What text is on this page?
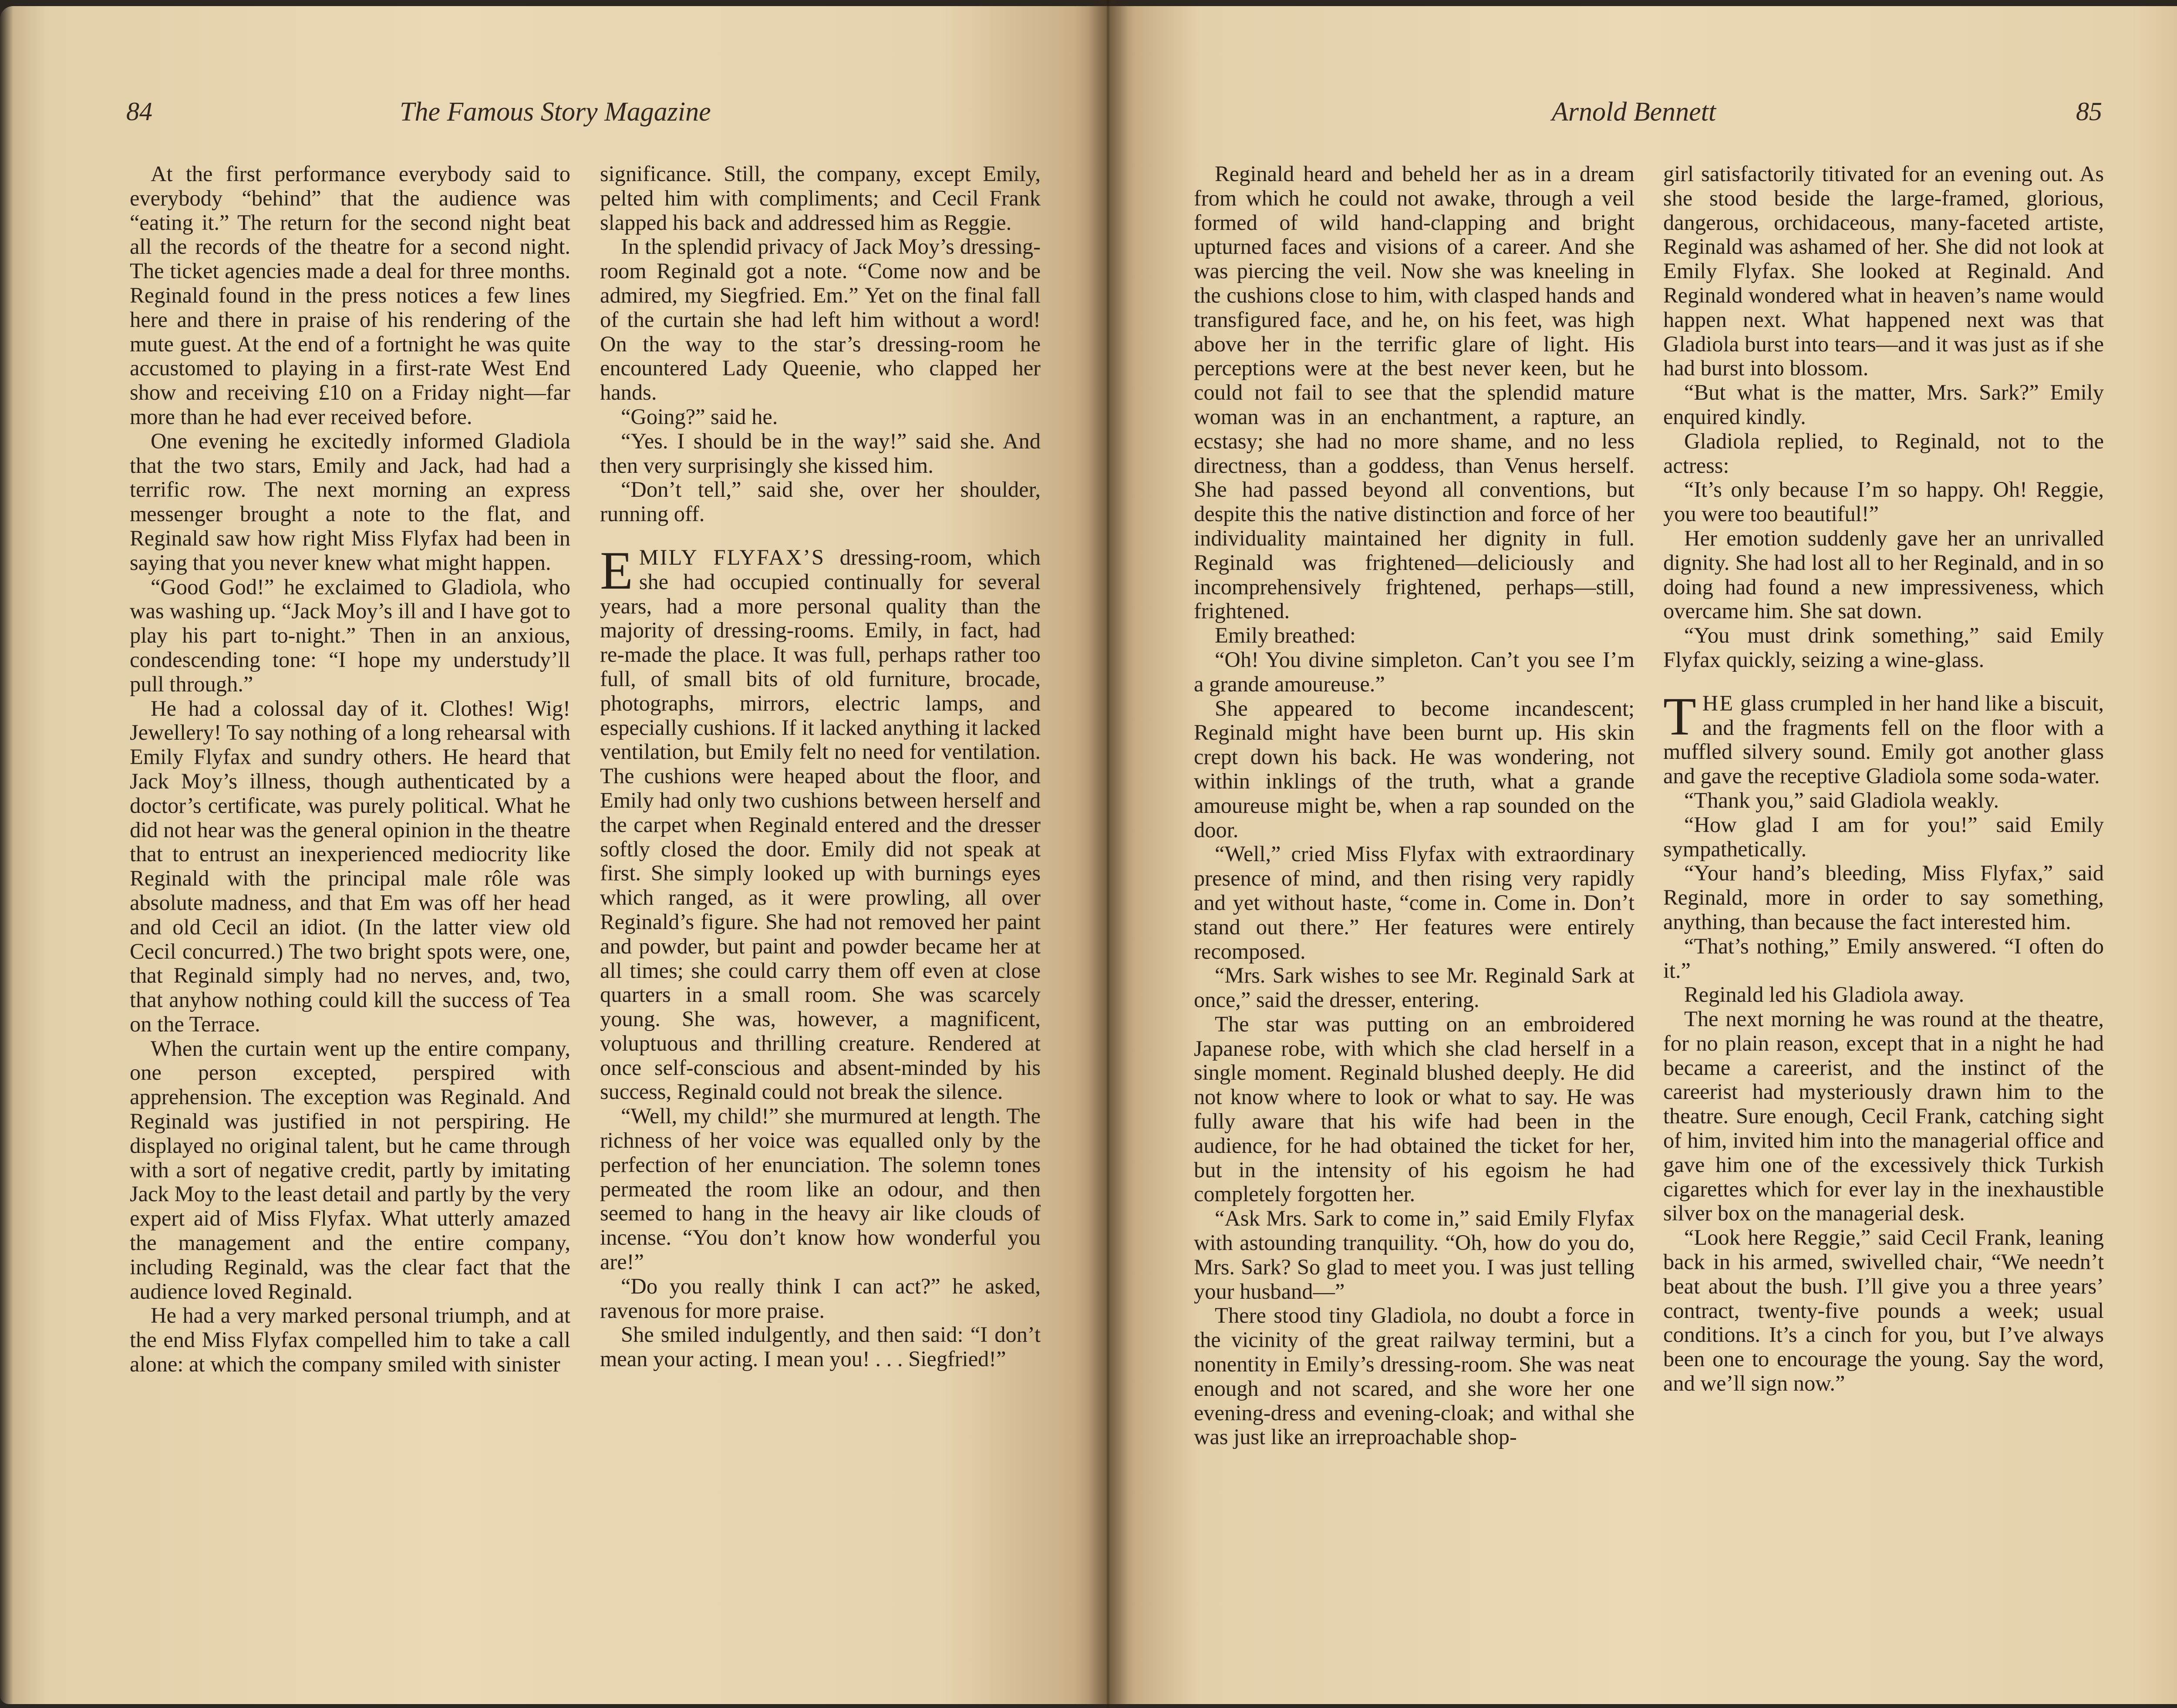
84	The Famous Story Magazine

At the first performance everybody said to everybody “behind” that the audience was “eating it.” The return for the second night beat all the records of the theatre for a second night. The ticket agencies made a deal for three months. Reginald found in the press notices a few lines here and there in praise of his rendering of the mute guest. At the end of a fortnight he was quite accustomed to playing in a first-rate West End show and receiving £10 on a Friday night—far more than he had ever received before.

One evening he excitedly informed Gladiola that the two stars, Emily and Jack, had had a terrific row. The next morning an express messenger brought a note to the flat, and Reginald saw how right Miss Flyfax had been in saying that you never knew what might happen.

“Good God!” he exclaimed to Gladiola, who was washing up. “Jack Moy’s ill and I have got to play his part to-night.” Then in an anxious, condescending tone: “I hope my understudy’ll pull through.”

He had a colossal day of it. Clothes! Wig! Jewellery! To say nothing of a long rehearsal with Emily Flyfax and sundry others. He heard that Jack Moy’s illness, though authenticated by a doctor’s certificate, was purely political. What he did not hear was the general opinion in the theatre that to entrust an inexperienced mediocrity like Reginald with the principal male rôle was absolute madness, and that Em was off her head and old Cecil an idiot. (In the latter view old Cecil concurred.) The two bright spots were, one, that Reginald simply had no nerves, and, two, that anyhow nothing could kill the success of Tea on the Terrace.

When the curtain went up the entire company, one person excepted, perspired with apprehension. The exception was Reginald. And Reginald was justified in not perspiring. He displayed no original talent, but he came through with a sort of negative credit, partly by imitating Jack Moy to the least detail and partly by the very expert aid of Miss Flyfax. What utterly amazed the management and the entire company, including Reginald, was the clear fact that the audience loved Reginald.

He had a very marked personal triumph, and at the end Miss Flyfax compelled him to take a call alone: at which the company smiled with sinister

significance. Still, the company, except Emily, pelted him with compliments; and Cecil Frank slapped his back and addressed him as Reggie.

In the splendid privacy of Jack Moy’s dressing-room Reginald got a note. “Come now and be admired, my Siegfried. Em.” Yet on the final fall of the curtain she had left him without a word! On the way to the star’s dressing-room he encountered Lady Queenie, who clapped her hands.

“Going?” said he.

“Yes. I should be in the way!” said she. And then very surprisingly she kissed him.

“Don’t tell,” said she, over her shoulder, running off.

EMILY FLYFAX’S dressing-room, which she had occupied continually for several years, had a more personal quality than the majority of dressing-rooms. Emily, in fact, had re-made the place. It was full, perhaps rather too full, of small bits of old furniture, brocade, photographs, mirrors, electric lamps, and especially cushions. If it lacked anything it lacked ventilation, but Emily felt no need for ventilation. The cushions were heaped about the floor, and Emily had only two cushions between herself and the carpet when Reginald entered and the dresser softly closed the door. Emily did not speak at first. She simply looked up with burnings eyes which ranged, as it were prowling, all over Reginald’s figure. She had not removed her paint and powder, but paint and powder became her at all times; she could carry them off even at close quarters in a small room. She was scarcely young. She was, however, a magnificent, voluptuous and thrilling creature. Rendered at once self-conscious and absent-minded by his success, Reginald could not break the silence.

“Well, my child!” she murmured at length. The richness of her voice was equalled only by the perfection of her enunciation. The solemn tones permeated the room like an odour, and then seemed to hang in the heavy air like clouds of incense. “You don’t know how wonderful you are!”

“Do you really think I can act?” he asked, ravenous for more praise.

She smiled indulgently, and then said: “I don’t mean your acting. I mean you! . . . Siegfried!”

Arnold Bennett	85

Reginald heard and beheld her as in a dream from which he could not awake, through a veil formed of wild hand-clapping and bright upturned faces and visions of a career. And she was piercing the veil. Now she was kneeling in the cushions close to him, with clasped hands and transfigured face, and he, on his feet, was high above her in the terrific glare of light. His perceptions were at the best never keen, but he could not fail to see that the splendid mature woman was in an enchantment, a rapture, an ecstasy; she had no more shame, and no less directness, than a goddess, than Venus herself. She had passed beyond all conventions, but despite this the native distinction and force of her individuality maintained her dignity in full. Reginald was frightened—deliciously and incomprehensively frightened, perhaps—still, frightened.

Emily breathed:

“Oh! You divine simpleton. Can’t you see I’m a grande amoureuse.”

She appeared to become incandescent; Reginald might have been burnt up. His skin crept down his back. He was wondering, not within inklings of the truth, what a grande amoureuse might be, when a rap sounded on the door.

“Well,” cried Miss Flyfax with extraordinary presence of mind, and then rising very rapidly and yet without haste, “come in. Come in. Don’t stand out there.” Her features were entirely recomposed.

“Mrs. Sark wishes to see Mr. Reginald Sark at once,” said the dresser, entering.

The star was putting on an embroidered Japanese robe, with which she clad herself in a single moment. Reginald blushed deeply. He did not know where to look or what to say. He was fully aware that his wife had been in the audience, for he had obtained the ticket for her, but in the intensity of his egoism he had completely forgotten her.

“Ask Mrs. Sark to come in,” said Emily Flyfax with astounding tranquility. “Oh, how do you do, Mrs. Sark? So glad to meet you. I was just telling your husband—”

There stood tiny Gladiola, no doubt a force in the vicinity of the great railway termini, but a nonentity in Emily’s dressing-room. She was neat enough and not scared, and she wore her one evening-dress and evening-cloak; and withal she was just like an irreproachable shop-

girl satisfactorily titivated for an evening out. As she stood beside the large-framed, glorious, dangerous, orchidaceous, many-faceted artiste, Reginald was ashamed of her. She did not look at Emily Flyfax. She looked at Reginald. And Reginald wondered what in heaven’s name would happen next. What happened next was that Gladiola burst into tears—and it was just as if she had burst into blossom.

“But what is the matter, Mrs. Sark?” Emily enquired kindly.

Gladiola replied, to Reginald, not to the actress:

“It’s only because I’m so happy. Oh! Reggie, you were too beautiful!”

Her emotion suddenly gave her an unrivalled dignity. She had lost all to her Reginald, and in so doing had found a new impressiveness, which overcame him. She sat down.

“You must drink something,” said Emily Flyfax quickly, seizing a wine-glass.

THE glass crumpled in her hand like a biscuit, and the fragments fell on the floor with a muffled silvery sound. Emily got another glass and gave the receptive Gladiola some soda-water.

“Thank you,” said Gladiola weakly.

“How glad I am for you!” said Emily sympathetically.

“Your hand’s bleeding, Miss Flyfax,” said Reginald, more in order to say something, anything, than because the fact interested him.

“That’s nothing,” Emily answered. “I often do it.”

Reginald led his Gladiola away.

The next morning he was round at the theatre, for no plain reason, except that in a night he had became a careerist, and the instinct of the careerist had mysteriously drawn him to the theatre. Sure enough, Cecil Frank, catching sight of him, invited him into the managerial office and gave him one of the excessively thick Turkish cigarettes which for ever lay in the inexhaustible silver box on the managerial desk.

“Look here Reggie,” said Cecil Frank, leaning back in his armed, swivelled chair, “We needn’t beat about the bush. I’ll give you a three years’ contract, twenty-five pounds a week; usual conditions. It’s a cinch for you, but I’ve always been one to encourage the young. Say the word, and we’ll sign now.”
